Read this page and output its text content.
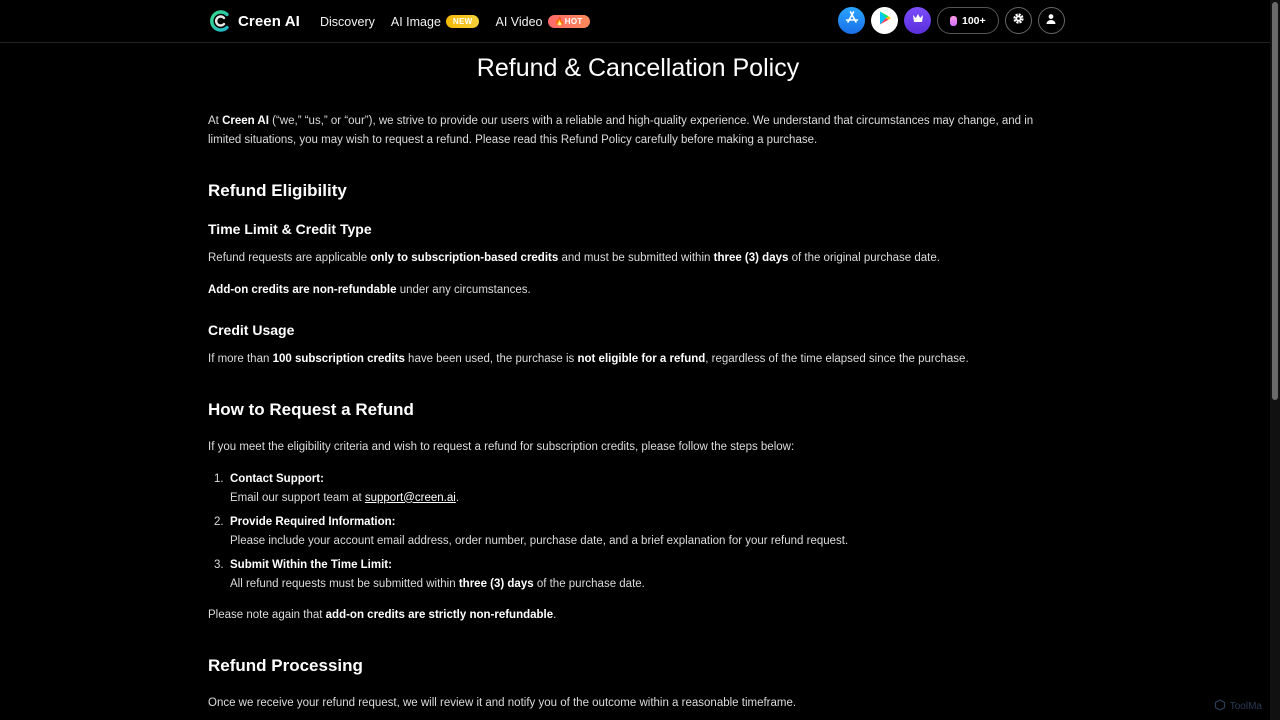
Creen AI Discovery AI Image	NEW	AI Video	🔥HOT	100+
Refund & Cancellation Policy
At Creen AI (“we,” “us,” or “our”), we strive to provide our users with a reliable and high-quality experience. We understand that circumstances may change, and in
limited situations, you may wish to request a refund. Please read this Refund Policy carefully before making a purchase.
Refund Eligibility
Time Limit & Credit Type
Refund requests are applicable only to subscription-based credits and must be submitted within three (3) days of the original purchase date.
Add-on credits are non-refundable under any circumstances.
Credit Usage
If more than 100 subscription credits have been used, the purchase is not eligible for a refund, regardless of the time elapsed since the purchase.
How to Request a Refund
If you meet the eligibility criteria and wish to request a refund for subscription credits, please follow the steps below:
1. Contact Support:
Email our support team at support@creen.ai.
2. Provide Required Information:
Please include your account email address, order number, purchase date, and a brief explanation for your refund request.
3. Submit Within the Time Limit:
All refund requests must be submitted within three (3) days of the purchase date.
Please note again that add-on credits are strictly non-refundable.
Refund Processing
Once we receive your refund request, we will review it and notify you of the outcome within a reasonable timeframe.	ToolMa
